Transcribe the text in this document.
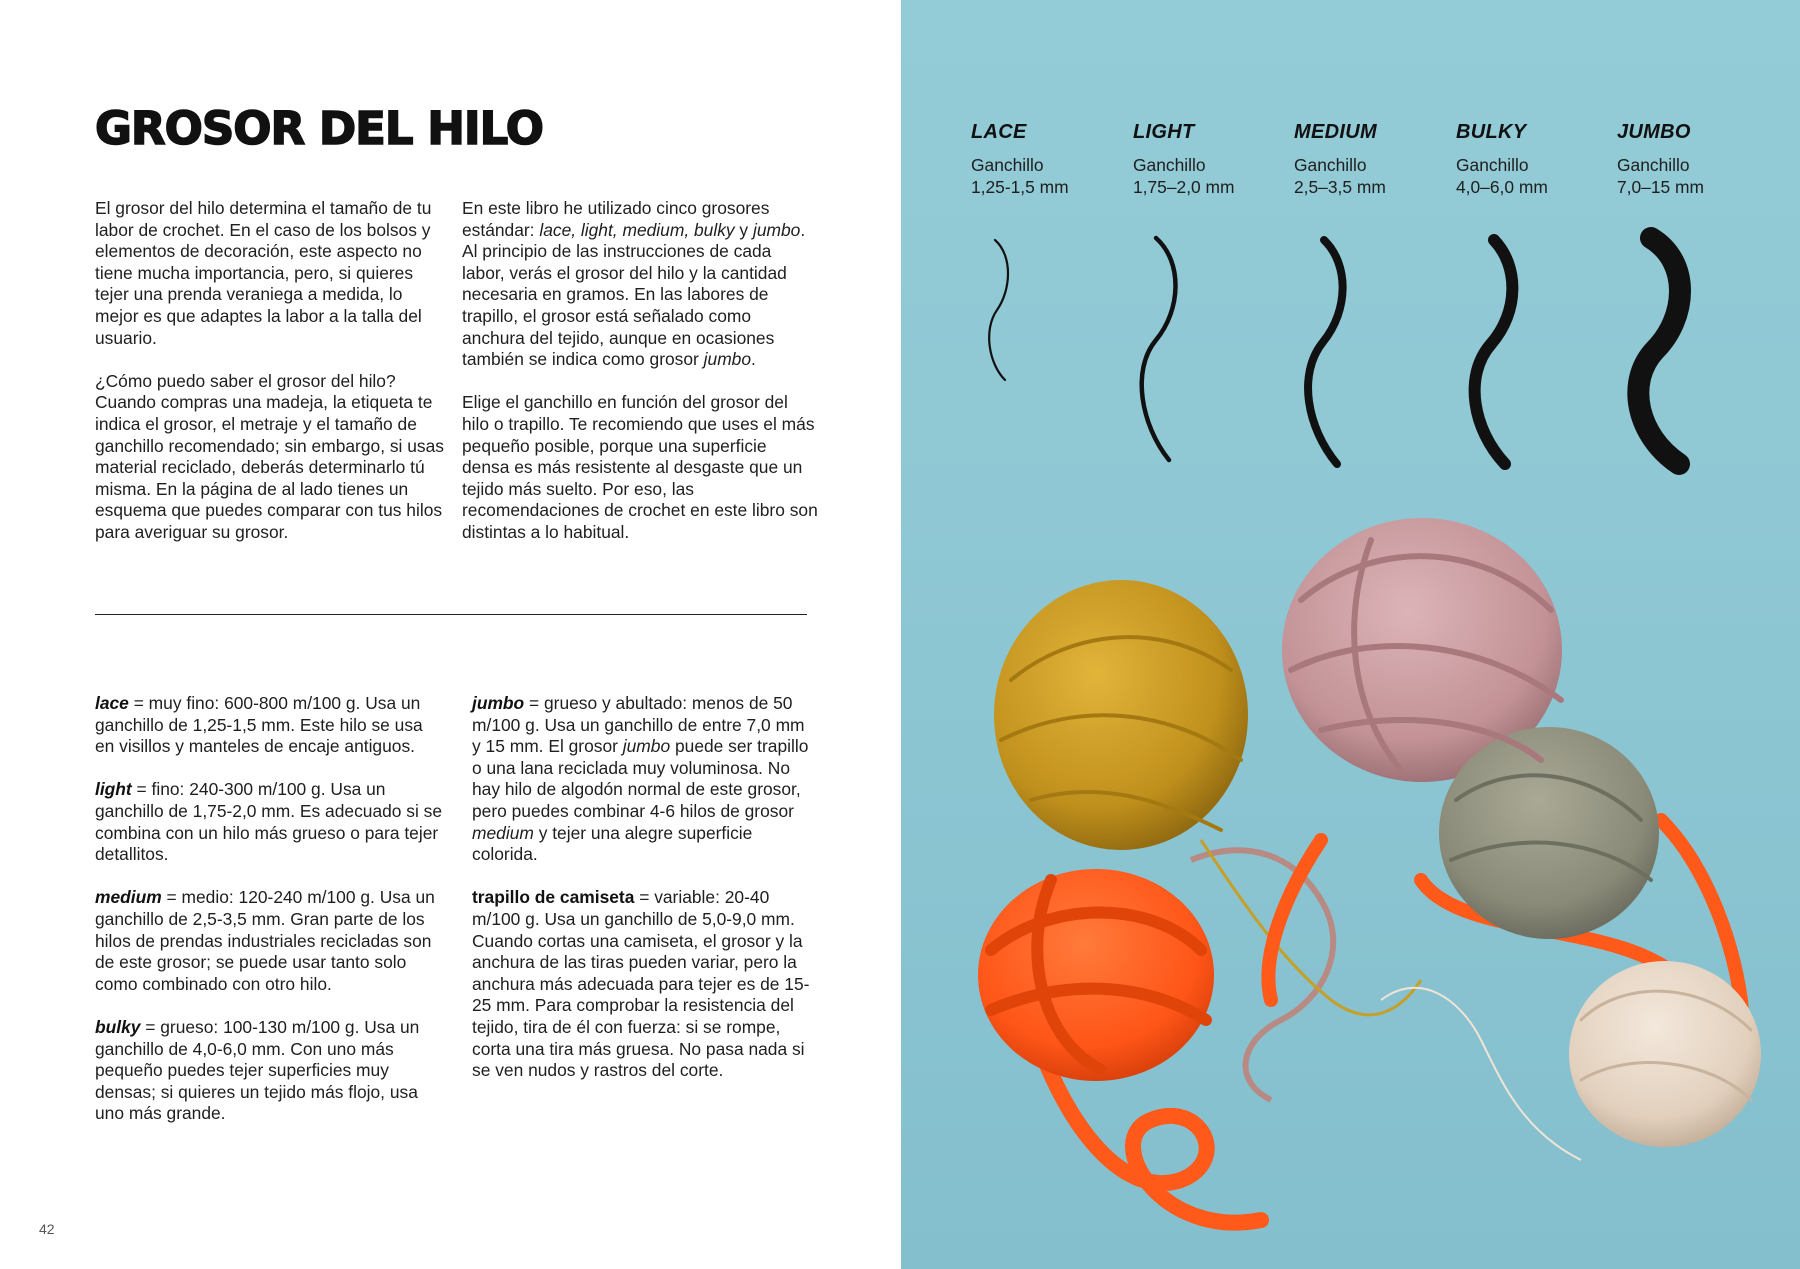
GROSOR DEL HILO

El grosor del hilo determina el tamaño de tu labor de crochet. En el caso de los bolsos y elementos de decoración, este aspecto no tiene mucha importancia, pero, si quieres tejer una prenda veraniega a medida, lo mejor es que adaptes la labor a la talla del usuario.

¿Cómo puedo saber el grosor del hilo? Cuando compras una madeja, la etiqueta te indica el grosor, el metraje y el tamaño de ganchillo recomendado; sin embargo, si usas material reciclado, deberás determinarlo tú misma. En la página de al lado tienes un esquema que puedes comparar con tus hilos para averiguar su grosor.

En este libro he utilizado cinco grosores estándar: lace, light, medium, bulky y jumbo. Al principio de las instrucciones de cada labor, verás el grosor del hilo y la cantidad necesaria en gramos. En las labores de trapillo, el grosor está señalado como anchura del tejido, aunque en ocasiones también se indica como grosor jumbo.

Elige el ganchillo en función del grosor del hilo o trapillo. Te recomiendo que uses el más pequeño posible, porque una superficie densa es más resistente al desgaste que un tejido más suelto. Por eso, las recomendaciones de crochet en este libro son distintas a lo habitual.

lace = muy fino: 600-800 m/100 g. Usa un ganchillo de 1,25-1,5 mm. Este hilo se usa en visillos y manteles de encaje antiguos.

light = fino: 240-300 m/100 g. Usa un ganchillo de 1,75-2,0 mm. Es adecuado si se combina con un hilo más grueso o para tejer detallitos.

medium = medio: 120-240 m/100 g. Usa un ganchillo de 2,5-3,5 mm. Gran parte de los hilos de prendas industriales recicladas son de este grosor; se puede usar tanto solo como combinado con otro hilo.

bulky = grueso: 100-130 m/100 g. Usa un ganchillo de 4,0-6,0 mm. Con uno más pequeño puedes tejer superficies muy densas; si quieres un tejido más flojo, usa uno más grande.

jumbo = grueso y abultado: menos de 50 m/100 g. Usa un ganchillo de entre 7,0 mm y 15 mm. El grosor jumbo puede ser trapillo o una lana reciclada muy voluminosa. No hay hilo de algodón normal de este grosor, pero puedes combinar 4-6 hilos de grosor medium y tejer una alegre superficie colorida.

trapillo de camiseta = variable: 20-40 m/100 g. Usa un ganchillo de 5,0-9,0 mm. Cuando cortas una camiseta, el grosor y la anchura de las tiras pueden variar, pero la anchura más adecuada para tejer es de 15-25 mm. Para comprobar la resistencia del tejido, tira de él con fuerza: si se rompe, corta una tira más gruesa. No pasa nada si se ven nudos y rastros del corte.

42
LACE
Ganchillo
1,25-1,5 mm
LIGHT
Ganchillo
1,75–2,0 mm
MEDIUM
Ganchillo
2,5–3,5 mm
BULKY
Ganchillo
4,0–6,0 mm
JUMBO
Ganchillo
7,0–15 mm
